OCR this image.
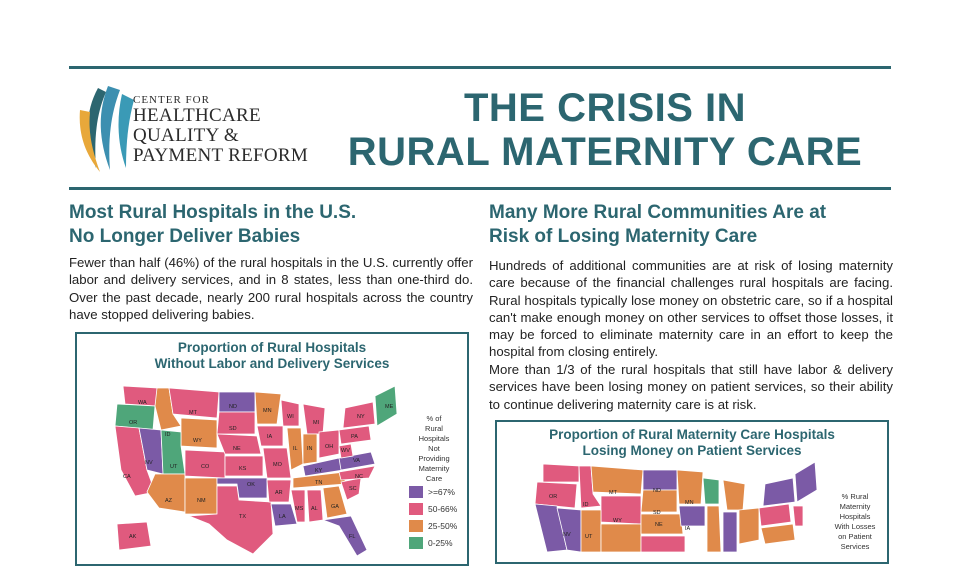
CENTER FOR
HEALTHCARE
QUALITY &
PAYMENT REFORM
THE CRISIS IN
RURAL MATERNITY CARE
Most Rural Hospitals in the U.S.
No Longer Deliver Babies
Fewer than half (46%) of the rural hospitals in the U.S. currently offer labor and delivery services, and in 8 states, less than one-third do. Over the past decade, nearly 200 rural hospitals across the country have stopped delivering babies.
Proportion of Rural Hospitals
Without Labor and Delivery Services
WA
OR
ID
MT
ND
SD
WY
NE
NV
CA
UT	CO	KS
AZ	NM
OK
TX
MN
IA
WI
MI
IL IN OH
MO
KY
TN
AR
MS AL GA
SC
NC
VA
WV
PA
NY
ME
LA
FL
AK
% of
Rural
Hospitals
Not
Providing
Maternity
Care
>=67%
50-66%
25-50%
0-25%
Many More Rural Communities Are at
Risk of Losing Maternity Care
Hundreds of additional communities are at risk of losing maternity care because of the financial challenges rural hospitals are facing. Rural hospitals typically lose money on obstetric care, so if a hospital can't make enough money on other services to offset those losses, it may be forced to eliminate maternity care in an effort to keep the hospital from closing entirely.
More than 1/3 of the rural hospitals that still have labor & delivery services have been losing money on patient services, so their ability to continue delivering maternity care is at risk.
Proportion of Rural Maternity Care Hospitals
Losing Money on Patient Services
OR
MT	ND
MN
ID
SD
WY
NE
IA
NV	UT
% Rural
Maternity
Hospitals
With Losses
on Patient
Services
